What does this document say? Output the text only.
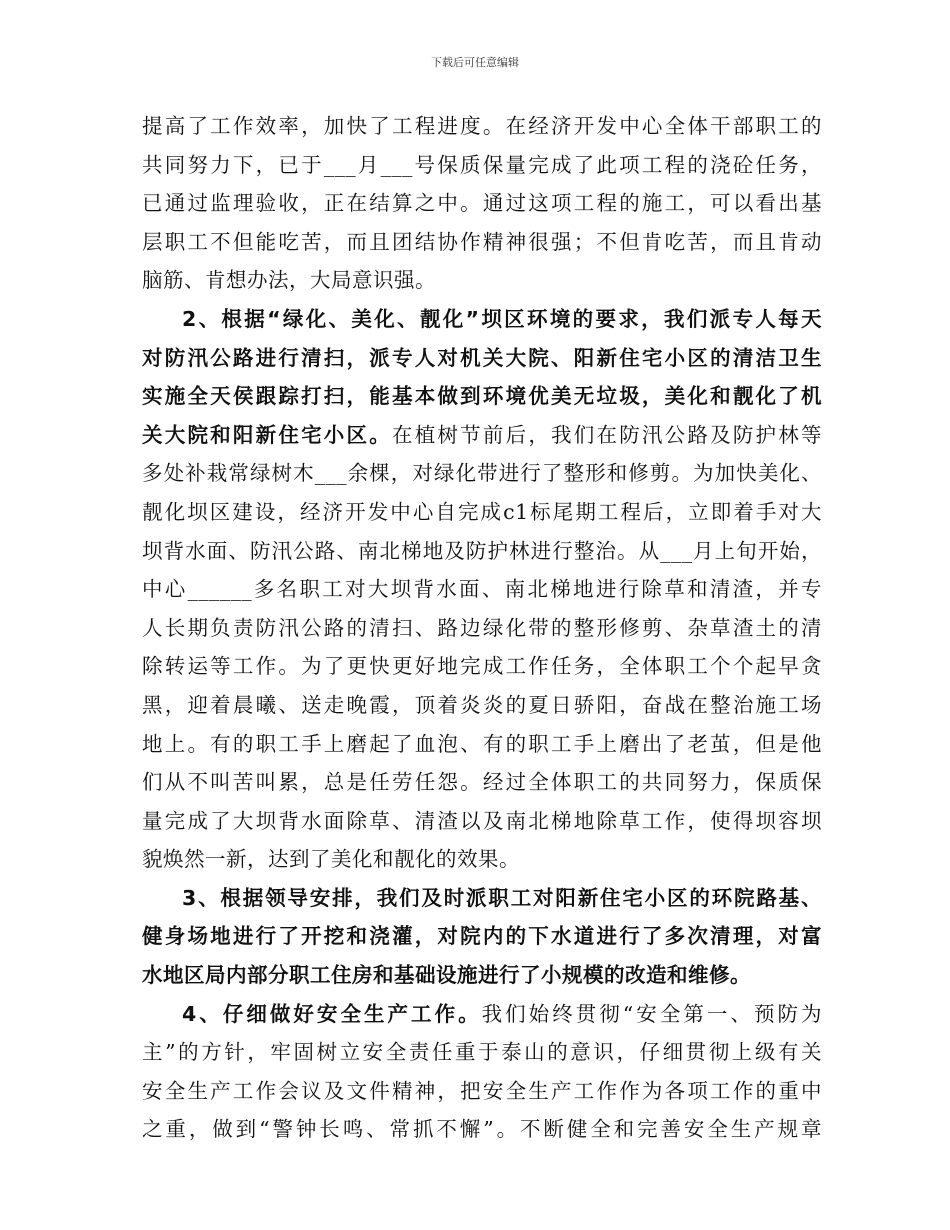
下载后可任意编辑
提高了工作效率，加快了工程进度。在经济开发中心全体干部职工的
共同努力下，已于___月___号保质保量完成了此项工程的浇砼任务，
已通过监理验收，正在结算之中。通过这项工程的施工，可以看出基
层职工不但能吃苦，而且团结协作精神很强；不但肯吃苦，而且肯动
脑筋、肯想办法，大局意识强。
2、根据“绿化、美化、靓化”坝区环境的要求，我们派专人每天
对防汛公路进行清扫，派专人对机关大院、阳新住宅小区的清洁卫生
实施全天侯跟踪打扫，能基本做到环境优美无垃圾，美化和靓化了机
关大院和阳新住宅小区。在植树节前后，我们在防汛公路及防护林等
多处补栽常绿树木___余棵，对绿化带进行了整形和修剪。为加快美化、
靓化坝区建设，经济开发中心自完成c1标尾期工程后，立即着手对大
坝背水面、防汛公路、南北梯地及防护林进行整治。从___月上旬开始，
中心______多名职工对大坝背水面、南北梯地进行除草和清渣，并专
人长期负责防汛公路的清扫、路边绿化带的整形修剪、杂草渣土的清
除转运等工作。为了更快更好地完成工作任务，全体职工个个起早贪
黑，迎着晨曦、送走晚霞，顶着炎炎的夏日骄阳，奋战在整治施工场
地上。有的职工手上磨起了血泡、有的职工手上磨出了老茧，但是他
们从不叫苦叫累，总是任劳任怨。经过全体职工的共同努力，保质保
量完成了大坝背水面除草、清渣以及南北梯地除草工作，使得坝容坝
貌焕然一新，达到了美化和靓化的效果。
3、根据领导安排，我们及时派职工对阳新住宅小区的环院路基、
健身场地进行了开挖和浇灌，对院内的下水道进行了多次清理，对富
水地区局内部分职工住房和基础设施进行了小规模的改造和维修。
4、仔细做好安全生产工作。我们始终贯彻“安全第一、预防为
主”的方针，牢固树立安全责任重于泰山的意识，仔细贯彻上级有关
安全生产工作会议及文件精神，把安全生产工作作为各项工作的重中
之重，做到“警钟长鸣、常抓不懈”。不断健全和完善安全生产规章
